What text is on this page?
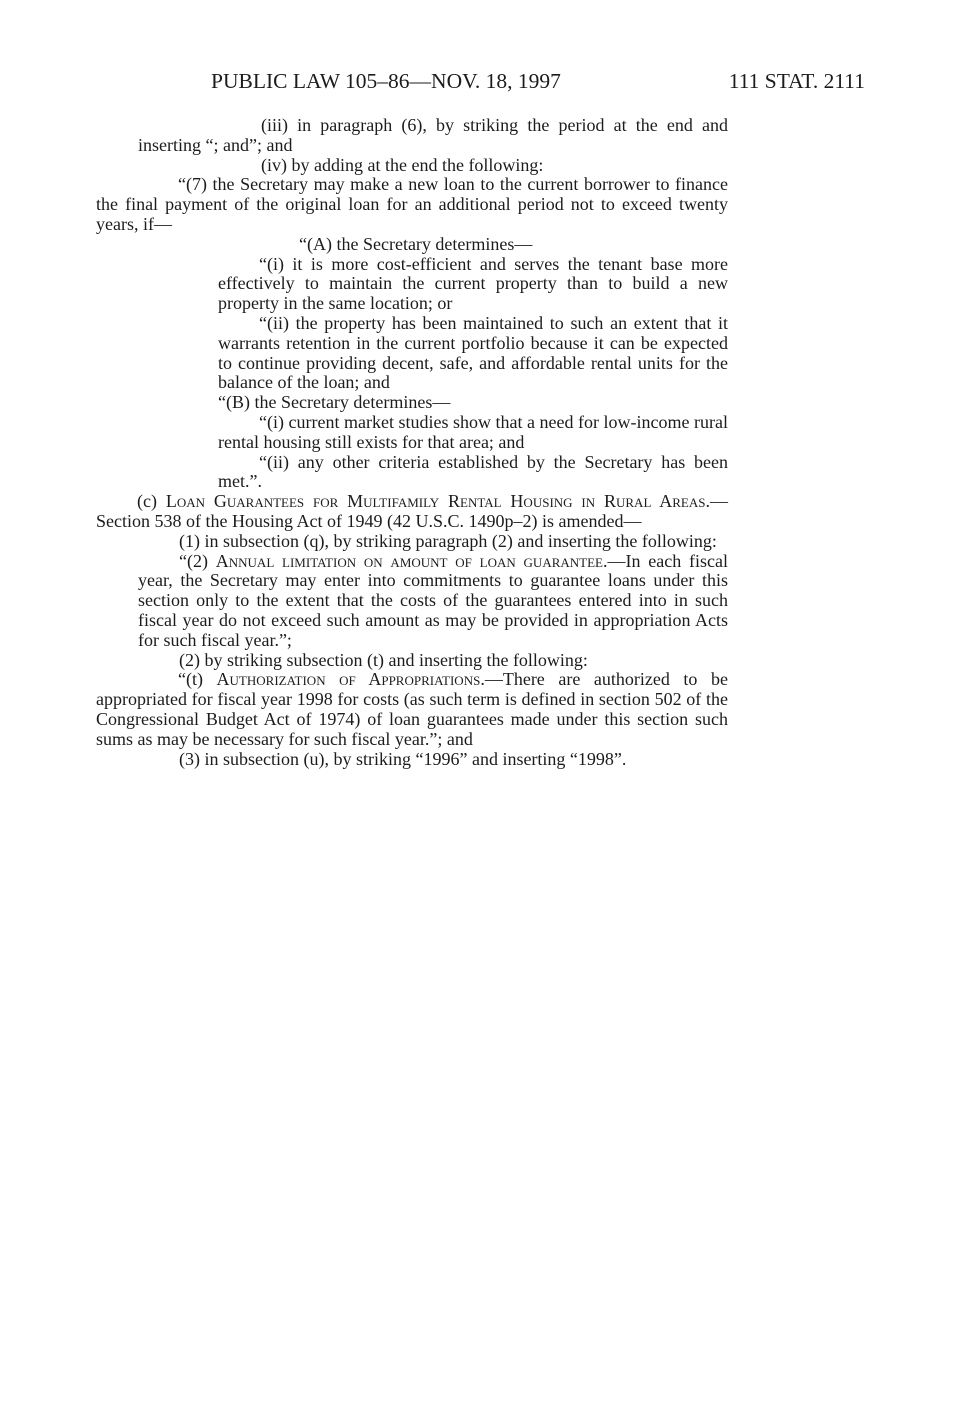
PUBLIC LAW 105–86—NOV. 18, 1997	111 STAT. 2111

(iii) in paragraph (6), by striking the period at the end and inserting “; and”; and

(iv) by adding at the end the following:

“(7) the Secretary may make a new loan to the current borrower to finance the final payment of the original loan for an additional period not to exceed twenty years, if—

“(A) the Secretary determines—

“(i) it is more cost-efficient and serves the tenant base more effectively to maintain the current property than to build a new property in the same location; or

“(ii) the property has been maintained to such an extent that it warrants retention in the current portfolio because it can be expected to continue providing decent, safe, and affordable rental units for the balance of the loan; and

“(B) the Secretary determines—

“(i) current market studies show that a need for low-income rural rental housing still exists for that area; and

“(ii) any other criteria established by the Secretary has been met.”.

(c) Loan Guarantees for Multifamily Rental Housing in Rural Areas.—Section 538 of the Housing Act of 1949 (42 U.S.C. 1490p–2) is amended—

(1) in subsection (q), by striking paragraph (2) and inserting the following:

“(2) Annual limitation on amount of loan guarantee.—In each fiscal year, the Secretary may enter into commitments to guarantee loans under this section only to the extent that the costs of the guarantees entered into in such fiscal year do not exceed such amount as may be provided in appropriation Acts for such fiscal year.”;

(2) by striking subsection (t) and inserting the following:

“(t) Authorization of Appropriations.—There are authorized to be appropriated for fiscal year 1998 for costs (as such term is defined in section 502 of the Congressional Budget Act of 1974) of loan guarantees made under this section such sums as may be necessary for such fiscal year.”; and

(3) in subsection (u), by striking “1996” and inserting “1998”.
